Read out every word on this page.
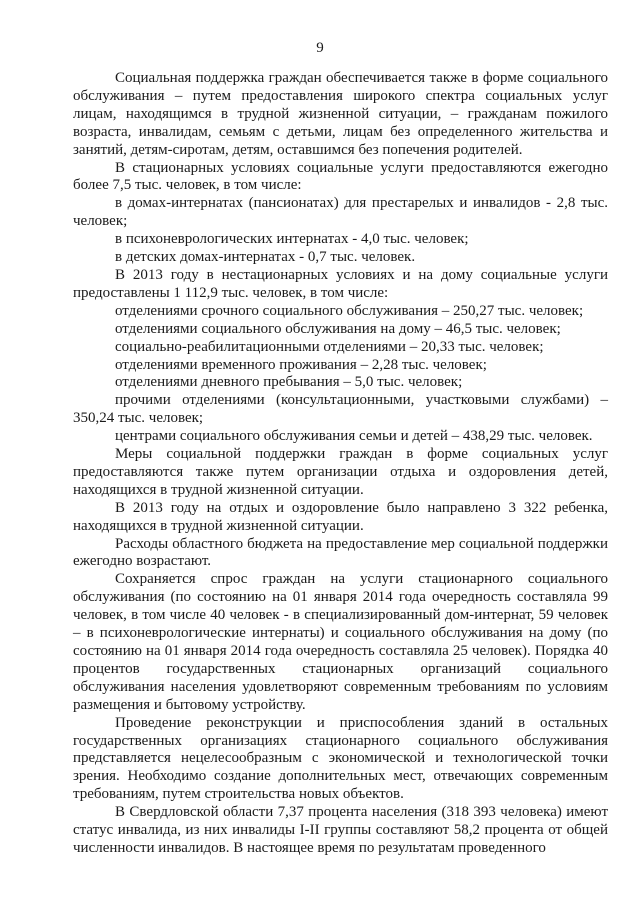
9

Социальная поддержка граждан обеспечивается также в форме социального обслуживания – путем предоставления широкого спектра социальных услуг лицам, находящимся в трудной жизненной ситуации, – гражданам пожилого возраста, инвалидам, семьям с детьми, лицам без определенного жительства и занятий, детям-сиротам, детям, оставшимся без попечения родителей.

В стационарных условиях социальные услуги предоставляются ежегодно более 7,5 тыс. человек, в том числе:

в домах-интернатах (пансионатах) для престарелых и инвалидов - 2,8 тыс. человек;

в психоневрологических интернатах - 4,0 тыс. человек;

в детских домах-интернатах - 0,7 тыс. человек.

В 2013 году в нестационарных условиях и на дому социальные услуги предоставлены 1 112,9 тыс. человек, в том числе:

отделениями срочного социального обслуживания – 250,27 тыс. человек;

отделениями социального обслуживания на дому – 46,5 тыс. человек;

социально-реабилитационными отделениями – 20,33 тыс. человек;

отделениями временного проживания – 2,28 тыс. человек;

отделениями дневного пребывания – 5,0 тыс. человек;

прочими отделениями (консультационными, участковыми службами) – 350,24 тыс. человек;

центрами социального обслуживания семьи и детей – 438,29 тыс. человек.

Меры социальной поддержки граждан в форме социальных услуг предоставляются также путем организации отдыха и оздоровления детей, находящихся в трудной жизненной ситуации.

В 2013 году на отдых и оздоровление было направлено 3 322 ребенка, находящихся в трудной жизненной ситуации.

Расходы областного бюджета на предоставление мер социальной поддержки ежегодно возрастают.

Сохраняется спрос граждан на услуги стационарного социального обслуживания (по состоянию на 01 января 2014 года очередность составляла 99 человек, в том числе 40 человек - в специализированный дом-интернат, 59 человек – в психоневрологические интернаты) и социального обслуживания на дому (по состоянию на 01 января 2014 года очередность составляла 25 человек). Порядка 40 процентов государственных стационарных организаций социального обслуживания населения удовлетворяют современным требованиям по условиям размещения и бытовому устройству.

Проведение реконструкции и приспособления зданий в остальных государственных организациях стационарного социального обслуживания представляется нецелесообразным с экономической и технологической точки зрения. Необходимо создание дополнительных мест, отвечающих современным требованиям, путем строительства новых объектов.

В Свердловской области 7,37 процента населения (318 393 человека) имеют статус инвалида, из них инвалиды I-II группы составляют 58,2 процента от общей численности инвалидов. В настоящее время по результатам проведенного
